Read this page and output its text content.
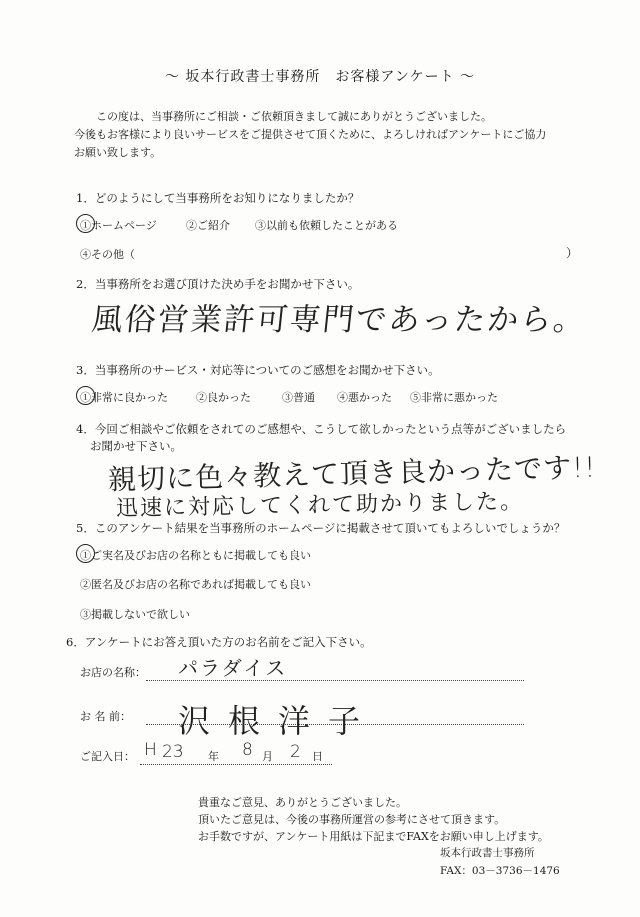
～ 坂本行政書士事務所　お客様アンケート ～
この度は、当事務所にご相談・ご依頼頂きまして誠にありがとうございました。
今後もお客様により良いサービスをご提供させて頂くために、よろしければアンケートにご協力
お願い致します。
1．どのようにして当事務所をお知りになりましたか？
①ホームページ	②ご紹介 ③以前も依頼したことがある
④その他（	）
2．当事務所をお選び頂けた決め手をお聞かせ下さい。
風俗営業許可専門であったから。
3．当事務所のサービス・対応等についてのご感想をお聞かせ下さい。
①非常に良かった	②良かった	③普通 ④悪かった ⑤非常に悪かった
4．今回ご相談やご依頼をされてのご感想や、こうして欲しかったという点等がございましたら
お聞かせ下さい。
親切に色々教えて頂き良かったです!!
迅速に対応してくれて助かりました。
5．このアンケート結果を当事務所のホームページに掲載させて頂いてもよろしいでしょうか？
①ご実名及びお店の名称ともに掲載しても良い
②匿名及びお店の名称であれば掲載しても良い
③掲載しないで欲しい
6．アンケートにお答え頂いた方のお名前をご記入下さい。
お店の名称： パラダイス
お 名 前： 沢根洋子
ご記入日： H 23 年 8 月 2 日
貴重なご意見、ありがとうございました。
頂いたご意見は、今後の事務所運営の参考にさせて頂きます。
お手数ですが、アンケート用紙は下記までFAXをお願い申し上げます。
坂本行政書士事務所
FAX：03－3736－1476
